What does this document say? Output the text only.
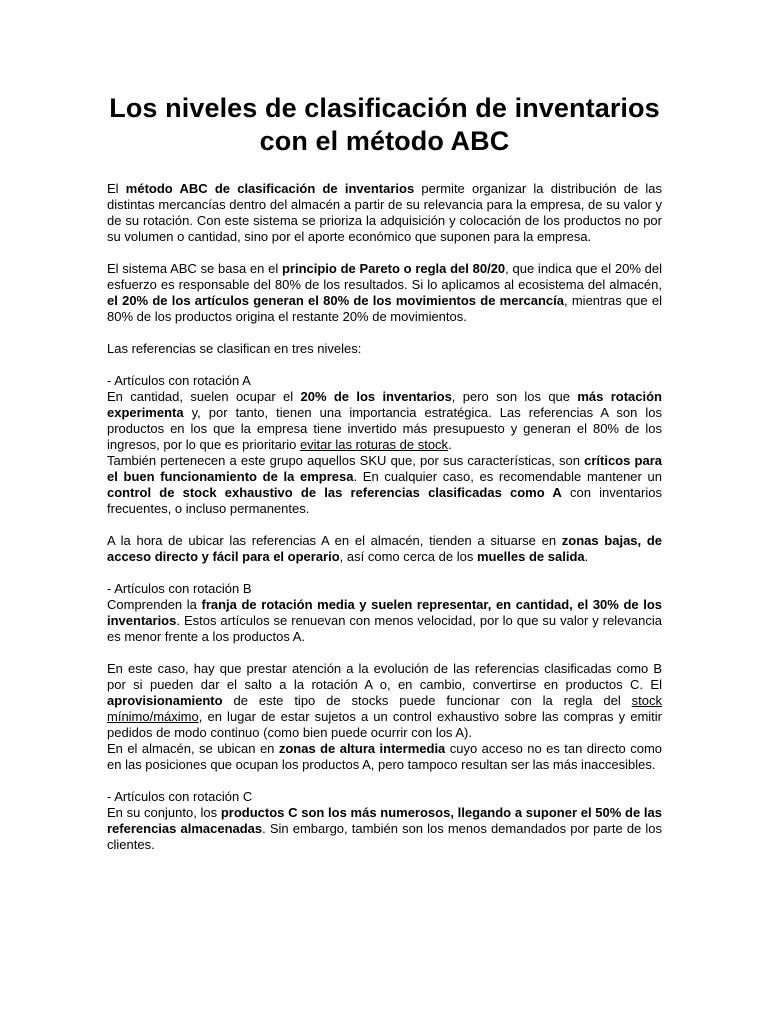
Los niveles de clasificación de inventarios con el método ABC

El método ABC de clasificación de inventarios permite organizar la distribución de las distintas mercancías dentro del almacén a partir de su relevancia para la empresa, de su valor y de su rotación. Con este sistema se prioriza la adquisición y colocación de los productos no por su volumen o cantidad, sino por el aporte económico que suponen para la empresa.

El sistema ABC se basa en el principio de Pareto o regla del 80/20, que indica que el 20% del esfuerzo es responsable del 80% de los resultados. Si lo aplicamos al ecosistema del almacén, el 20% de los artículos generan el 80% de los movimientos de mercancía, mientras que el 80% de los productos origina el restante 20% de movimientos.

Las referencias se clasifican en tres niveles:

- Artículos con rotación A

En cantidad, suelen ocupar el 20% de los inventarios, pero son los que más rotación experimenta y, por tanto, tienen una importancia estratégica. Las referencias A son los productos en los que la empresa tiene invertido más presupuesto y generan el 80% de los ingresos, por lo que es prioritario evitar las roturas de stock.

También pertenecen a este grupo aquellos SKU que, por sus características, son críticos para el buen funcionamiento de la empresa. En cualquier caso, es recomendable mantener un control de stock exhaustivo de las referencias clasificadas como A con inventarios frecuentes, o incluso permanentes.

A la hora de ubicar las referencias A en el almacén, tienden a situarse en zonas bajas, de acceso directo y fácil para el operario, así como cerca de los muelles de salida.

- Artículos con rotación B

Comprenden la franja de rotación media y suelen representar, en cantidad, el 30% de los inventarios. Estos artículos se renuevan con menos velocidad, por lo que su valor y relevancia es menor frente a los productos A.

En este caso, hay que prestar atención a la evolución de las referencias clasificadas como B por si pueden dar el salto a la rotación A o, en cambio, convertirse en productos C. El aprovisionamiento de este tipo de stocks puede funcionar con la regla del stock mínimo/máximo, en lugar de estar sujetos a un control exhaustivo sobre las compras y emitir pedidos de modo continuo (como bien puede ocurrir con los A).

En el almacén, se ubican en zonas de altura intermedia cuyo acceso no es tan directo como en las posiciones que ocupan los productos A, pero tampoco resultan ser las más inaccesibles.

- Artículos con rotación C

En su conjunto, los productos C son los más numerosos, llegando a suponer el 50% de las referencias almacenadas. Sin embargo, también son los menos demandados por parte de los clientes.
